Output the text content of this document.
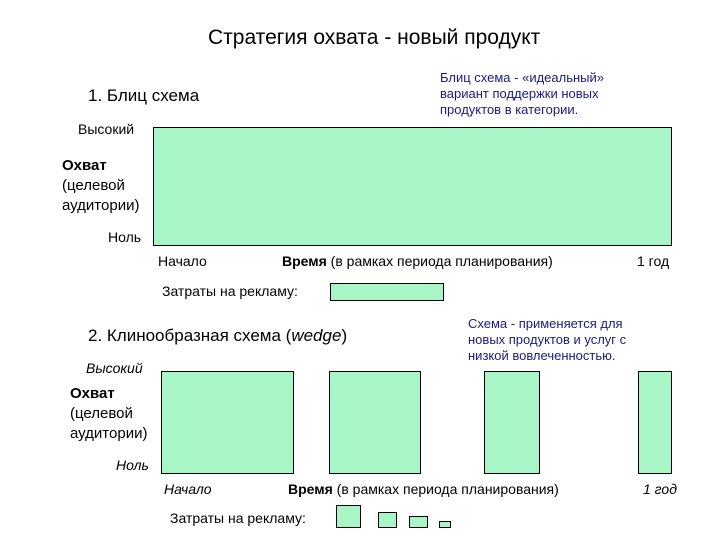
Стратегия охвата - новый продукт
1. Блиц схема
Блиц схема - «идеальный»
вариант поддержки новых
продуктов в категории.
Высокий
Охват
(целевой
аудитории)
Ноль
Начало	Время (в рамках периода планирования)	1 год
Затраты на рекламу:
2. Клинообразная схема (wedge)
Схема - применяется для
новых продуктов и услуг с
низкой вовлеченностью.
Высокий
Охват
(целевой
аудитории)
Ноль
Начало	Время (в рамках периода планирования)	1 год
Затраты на рекламу:
